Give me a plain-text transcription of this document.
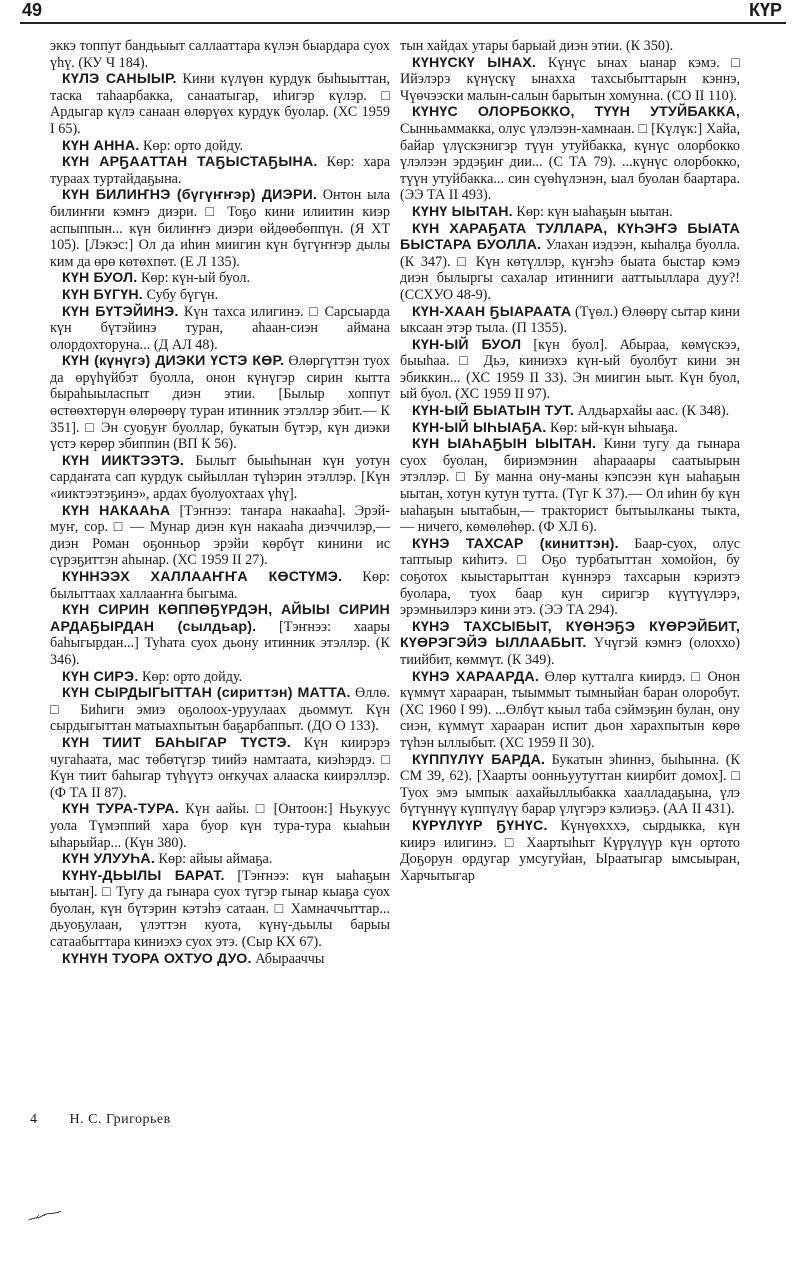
49	КҮР

эккэ топпут бандьыыт саллааттара күлэн быардара суох үһү. (КУ Ч 184).

КҮЛЭ САНЫЫР. Кини күлүөн курдук быһыыттан, таска таһаарбакка, санаатыгар, иһигэр күлэр. □ Ардыгар күлэ санаан өлөрүөх курдук буолар. (ХС 1959 I 65).

КҮН АННА. Көр: орто дойду.

КҮН АРҔААТТАН ТАҔЫСТАҔЫНА. Көр: хара тураах туртайдаҕына.

КҮН БИЛИҤНЭ (бүгүҥҥэр) ДИЭРИ. Онтон ыла билиҥҥи кэмҥэ диэри. □ Тоҕо кини илиитин киэр аспыппын... күн билиҥҥэ диэри өйдөөбөппүн. (Я ХТ 105). [Лэкэс:] Ол да иһин миигин күн бүгүҥҥэр дылы ким да өрө көтөхпөт. (Е Л 135).

КҮН БУОЛ. Көр: күн-ый буол.

КҮН БҮГҮН. Субу бүгүн.

КҮН БҮТЭЙИНЭ. Күн тахса илигинэ. □ Сарсыарда күн бүтэйинэ туран, аһаан-сиэн аймана олордохторуна... (Д АЛ 48).

КҮН (күнүгэ) ДИЭКИ ҮСТЭ КӨР. Өлөргүттэн туох да өрүһүйбэт буолла, онон күнүгэр сирин кытта быраһыыласпыт диэн этии. [Былыр хоппут өстөөхтөрүн өлөрөөрү туран итинник этэллэр эбит.— К 351]. □ Эн суоҕуҥ буоллар, букатын бүтэр, күн диэки үстэ көрөр эбиппин (ВП К 56).

КҮН ИИКТЭЭТЭ. Былыт быыһынан күн уотун сардаҥата сап курдук сыйыллан түһэрин этэллэр. [Күн «ииктээтэҕинэ», ардах буолуохтаах үһү].

КҮН НАКААҺА [Тэҥнээ: таҥара накааһа]. Эрэй-муҥ, сор. □ — Мунар диэн күн накааһа диэччилэр,— диэн Роман оҕонньор эрэйи көрбүт кинини ис сүрэҕиттэн аһынар. (ХС 1959 II 27).

КҮННЭЭХ ХАЛЛААҤҤА КӨСТҮМЭ. Көр: былыттаах халлааҥҥа быгыма.

КҮН СИРИН КӨППӨҔҮРДЭН, АЙЫЫ СИРИН АРДАҔЫРДАН (сылдьар). [Тэҥнээ: хаары баһыгырдан...] Туһата суох дьону итинник этэллэр. (К 346).

КҮН СИРЭ. Көр: орто дойду.

КҮН СЫРДЫГЫТТАН (сириттэн) МАТТА. Өллө. □ Биһиги эмиэ оҕолоох-уруулаах дьоммут. Күн сырдыгыттан матыахпытын баҕарбаппыт. (ДО О 133).

КҮН ТИИТ БАҺЫГАР ТҮСТЭ. Күн киирэрэ чугаһаата, мас төбөтүгэр тиийэ намтаата, киэһэрдэ. □ Күн тиит баһыгар түһүүтэ оҥкучах алааска киирэллэр. (Ф ТА II 87).

КҮН ТУРА-ТУРА. Күн аайы. □ [Онтоон:] Ньукуус уола Түмэппий хара буор күн тура-тура кыаһын ыһарыйар... (Күн 380).

КҮН УЛУУҺА. Көр: айыы аймаҕа.

КҮНҮ-ДЬЫЛЫ БАРАТ. [Тэҥнээ: күн ыаһаҕын ыытан]. □ Тугу да гынара суох түгэр гынар кыаҕа суох буолан, күн бүтэрин кэтэһэ сатаан. □ Хамначчыттар... дьуоҕулаан, үлэттэн куота, күнү-дьылы барыы сатаабыттара киниэхэ суох этэ. (Сыр КХ 67).

КҮНҮН ТУОРА ОХТУО ДУО. Абырааччы

тын хайдах утары барыай диэн этии. (К 350).

КҮНҮСКҮ ЫНАХ. Күнүс ынах ыанар кэмэ. □ Ийэлэрэ күнүскү ынахха тахсыбыттарын кэннэ, Чүөчээски малын-салын барытын хомунна. (СО II 110).

КҮНҮС ОЛОРБОККО, ТҮҮН УТУЙБАККА, Сынньаммакка, олус үлэлээн-хамнаан. □ [Күлүк:] Хайа, байар үлүскэнигэр түүн утуйбакка, күнүс олорбокко үлэлээн эрдэҕиҥ дии... (С ТА 79). ...күнүс олорбокко, түүн утуйбакка... син сүөһүлэнэн, ыал буолан баартара. (ЭЭ ТА II 493).

КҮНҮ ЫЫТАН. Көр: күн ыаһаҕын ыытан.

КҮН ХАРАҔАТА ТУЛЛАРА, КҮҺЭҤЭ БЫАТА БЫСТАРА БУОЛЛА. Улахан иэдээн, кыһалҕа буолла. (К 347). □ Күн көтүллэр, күҥэһэ быата быстар кэмэ диэн былыргы сахалар итинниги ааттыыллара дуу?! (ССХУО 48-9).

КҮН-ХААН ҔЫАРААТА (Түөл.) Өлөөрү сытар кини ыксаан этэр тыла. (П 1355).

КҮН-ЫЙ БУОЛ [күн буол]. Абыраа, көмүскээ, быыһаа. □ Дьэ, киниэхэ күн-ый буолбут кини эн эбиккин... (ХС 1959 II 33). Эн миигин ыыт. Күн буол, ый буол. (ХС 1959 II 97).

КҮН-ЫЙ БЫАТЫН ТУТ. Алдьархайы аас. (К 348).

КҮН-ЫЙ ЫҺЫАҔА. Көр: ый-күн ыһыаҕа.

КҮН ЫАҺАҔЫН ЫЫТАН. Кини тугу да гынара суох буолан, бириэмэнин аһарааары саатыырын этэллэр. □ Бу манна ону-маны кэпсээн күн ыаһаҕын ыытан, хотун кутун тутта. (Түг К 37).— Ол иһин бу күн ыаһаҕын ыытабын,— тракторист бытыылканы тыкта,— ничего, көмөлөһөр. (Ф ХЛ 6).

КҮНЭ ТАХСАР (киниттэн). Баар-суох, олус таптыыр киһитэ. □ Оҕо турбатыттан хомойон, бу соҕотох кыыстарыттан күннэрэ тахсарын кэриэтэ буолара, туох баар кун сиригэр күүтүүлэрэ, эрэмньилэрэ кини этэ. (ЭЭ ТА 294).

КҮНЭ ТАХСЫБЫТ, КҮӨНЭҔЭ КҮӨРЭЙБИТ, КҮӨРЭГЭЙЭ ЫЛЛААБЫТ. Үчүгэй кэмҥэ (олоххо) тиийбит, көммүт. (К 349).

КҮНЭ ХАРААРДА. Өлөр кутталга киирдэ. □ Онон күммүт харааран, тыыммыт тымныйан баран олоробут. (ХС 1960 I 99). ...Өлбүт кыыл таба сэймэҕин булан, ону сиэн, күммүт харааран испит дьон харахпытын көрө түһэн ыллыбыт. (ХС 1959 II 30).

КҮППҮЛҮҮ БАРДА. Букатын эһиннэ, быһынна. (К СМ 39, 62). [Хаарты оонньуутуттан киирбит домох]. □ Туох эмэ ымпык аахайыллыбакка хаалладаҕына, үлэ бүтүннүү күппүлүү барар үлүгэрэ кэлиэҕэ. (АА II 431).

КҮРҮЛҮҮР ҔҮНҮС. Күнүөхххэ, сырдыкка, күн киирэ илигинэ. □ Хаартыһыт Күрүлүүр күн ортото Доҕорун ордугар умсугуйан, Ыраатыгар ымсыыран, Харчытыгар

4 Н. С. Григорьев
